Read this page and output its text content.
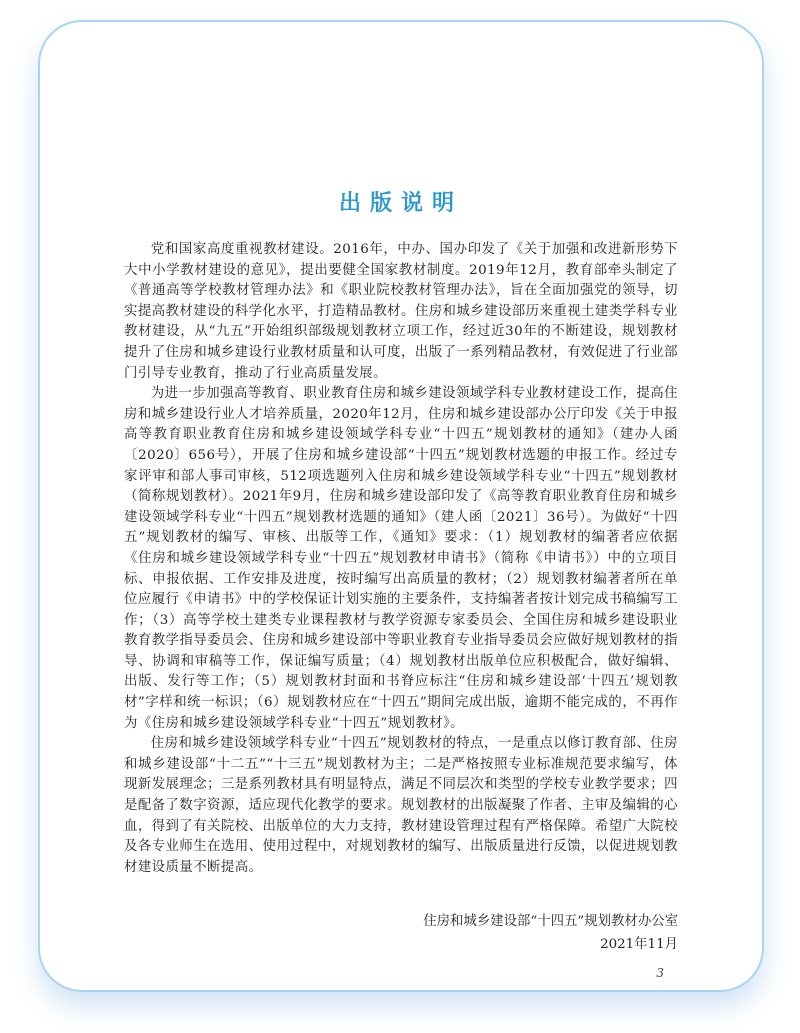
出版说明

党和国家高度重视教材建设。2016年，中办、国办印发了《关于加强和改进新形势下大中小学教材建设的意见》，提出要健全国家教材制度。2019年12月，教育部牵头制定了《普通高等学校教材管理办法》和《职业院校教材管理办法》，旨在全面加强党的领导，切实提高教材建设的科学化水平，打造精品教材。住房和城乡建设部历来重视土建类学科专业教材建设，从“九五”开始组织部级规划教材立项工作，经过近30年的不断建设，规划教材提升了住房和城乡建设行业教材质量和认可度，出版了一系列精品教材，有效促进了行业部门引导专业教育，推动了行业高质量发展。

为进一步加强高等教育、职业教育住房和城乡建设领域学科专业教材建设工作，提高住房和城乡建设行业人才培养质量，2020年12月，住房和城乡建设部办公厅印发《关于申报高等教育职业教育住房和城乡建设领域学科专业“十四五”规划教材的通知》（建办人函〔2020〕656号），开展了住房和城乡建设部“十四五”规划教材选题的申报工作。经过专家评审和部人事司审核，512项选题列入住房和城乡建设领域学科专业“十四五”规划教材（简称规划教材）。2021年9月，住房和城乡建设部印发了《高等教育职业教育住房和城乡建设领域学科专业“十四五”规划教材选题的通知》（建人函〔2021〕36号）。为做好“十四五”规划教材的编写、审核、出版等工作，《通知》要求：（1）规划教材的编著者应依据《住房和城乡建设领域学科专业“十四五”规划教材申请书》（简称《申请书》）中的立项目标、申报依据、工作安排及进度，按时编写出高质量的教材；（2）规划教材编著者所在单位应履行《申请书》中的学校保证计划实施的主要条件，支持编著者按计划完成书稿编写工作；（3）高等学校土建类专业课程教材与教学资源专家委员会、全国住房和城乡建设职业教育教学指导委员会、住房和城乡建设部中等职业教育专业指导委员会应做好规划教材的指导、协调和审稿等工作，保证编写质量；（4）规划教材出版单位应积极配合，做好编辑、出版、发行等工作；（5）规划教材封面和书脊应标注“住房和城乡建设部‘十四五’规划教材”字样和统一标识；（6）规划教材应在“十四五”期间完成出版，逾期不能完成的，不再作为《住房和城乡建设领域学科专业“十四五”规划教材》。

住房和城乡建设领域学科专业“十四五”规划教材的特点，一是重点以修订教育部、住房和城乡建设部“十二五”“十三五”规划教材为主；二是严格按照专业标准规范要求编写，体现新发展理念；三是系列教材具有明显特点，满足不同层次和类型的学校专业教学要求；四是配备了数字资源，适应现代化教学的要求。规划教材的出版凝聚了作者、主审及编辑的心血，得到了有关院校、出版单位的大力支持，教材建设管理过程有严格保障。希望广大院校及各专业师生在选用、使用过程中，对规划教材的编写、出版质量进行反馈，以促进规划教材建设质量不断提高。

住房和城乡建设部“十四五”规划教材办公室
2021年11月
3
